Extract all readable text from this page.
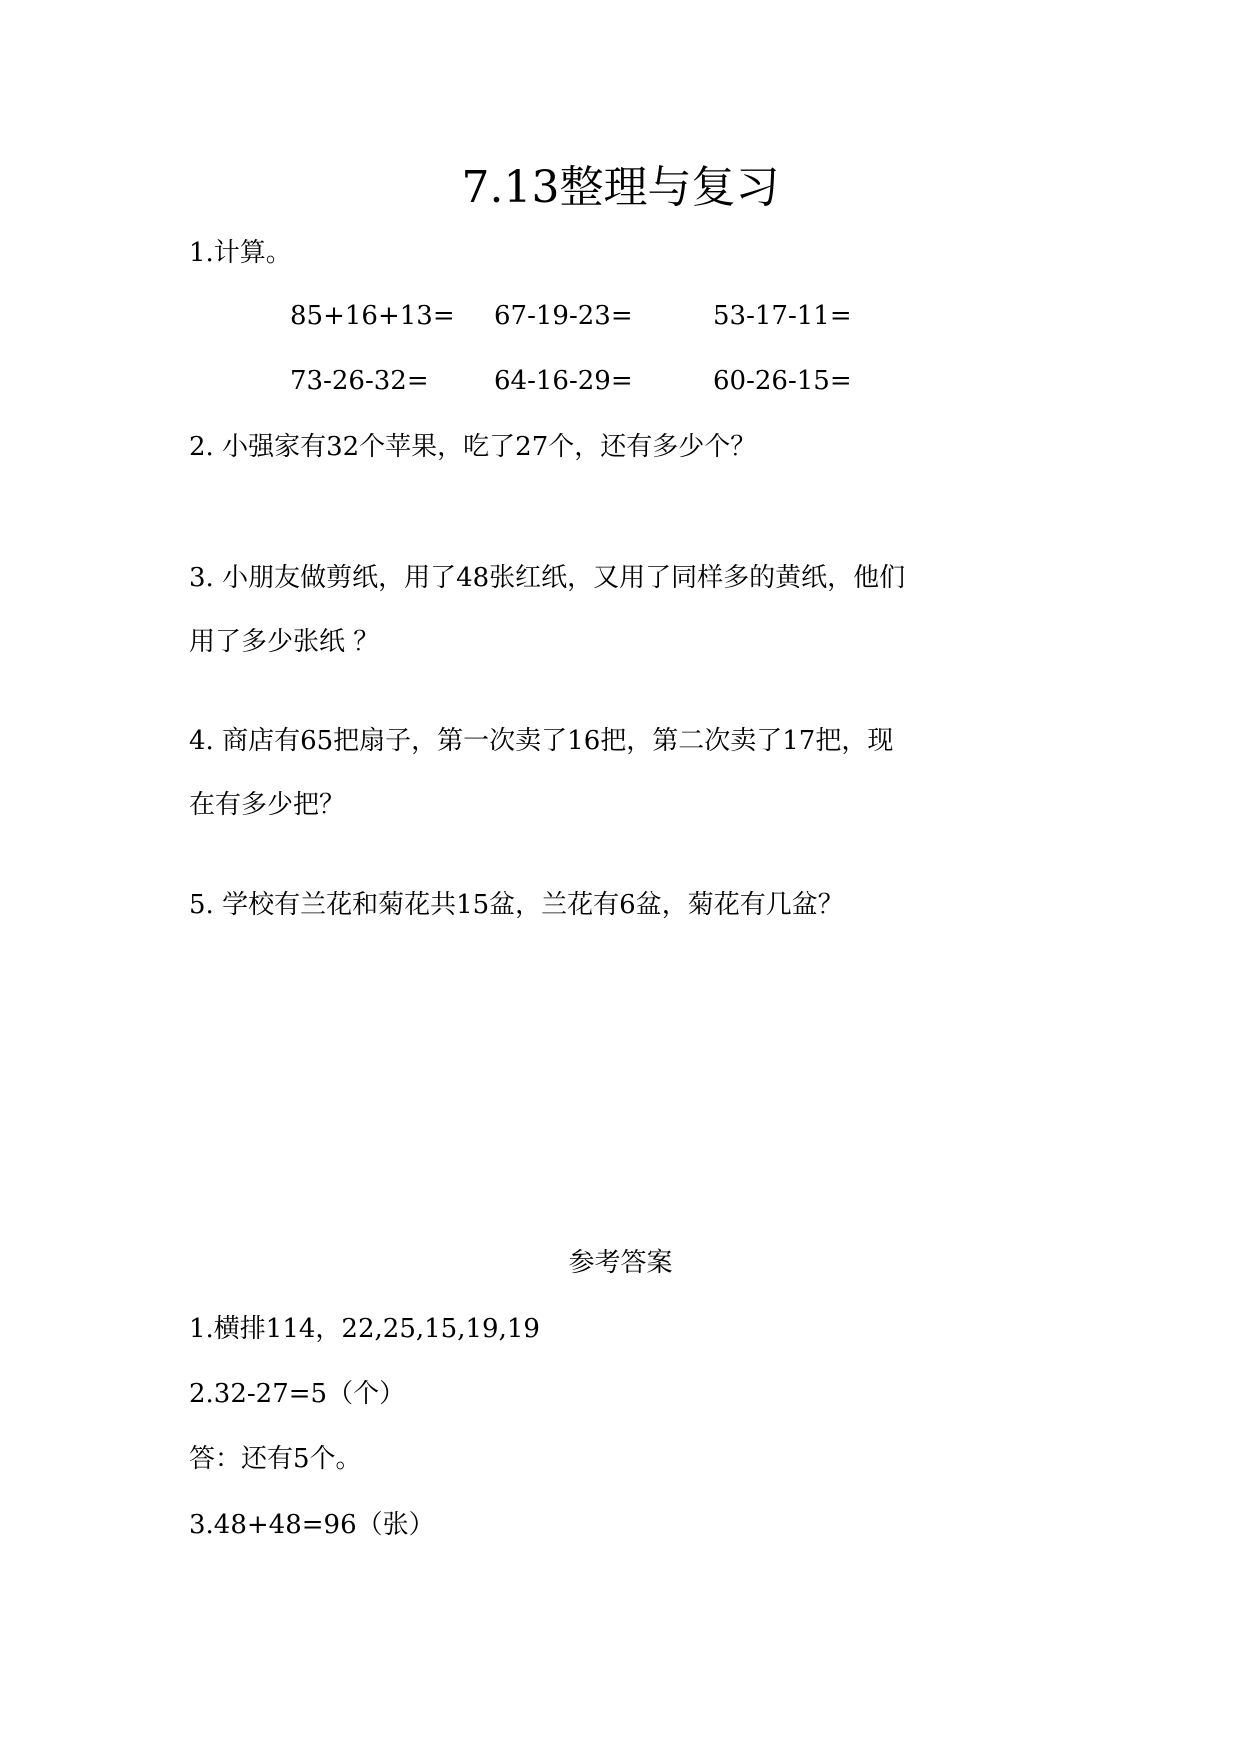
7.13整理与复习
1.计算。
85+16+13= 67-19-23=	53-17-11=
73-26-32=	64-16-29=	60-26-15=
2. 小强家有32个苹果，吃了27个，还有多少个？
3. 小朋友做剪纸，用了48张红纸，又用了同样多的黄纸，他们
用了多少张纸 ？
4. 商店有65把扇子，第一次卖了16把，第二次卖了17把，现
在有多少把？
5. 学校有兰花和菊花共15盆，兰花有6盆，菊花有几盆？
参考答案
1.横排114，22,25,15,19,19
2.32-27=5（个）
答：还有5个。
3.48+48=96（张）
